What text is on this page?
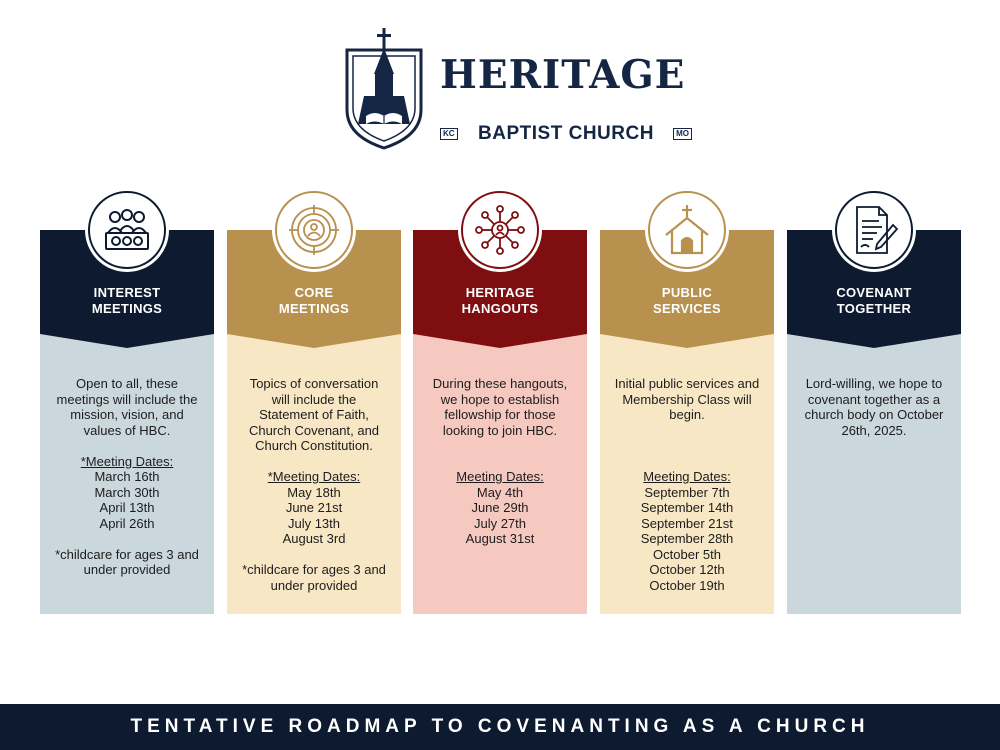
HERITAGE
KC	BAPTIST CHURCH	MO
INTEREST
MEETINGS
Open to all, these
meetings will include the
mission, vision, and
values of HBC.
*Meeting Dates:
March 16th
March 30th
April 13th
April 26th
*childcare for ages 3 and
under provided
CORE
MEETINGS
Topics of conversation
will include the
Statement of Faith,
Church Covenant, and
Church Constitution.
*Meeting Dates:
May 18th
June 21st
July 13th
August 3rd
*childcare for ages 3 and
under provided
HERITAGE
HANGOUTS
During these hangouts,
we hope to establish
fellowship for those
looking to join HBC.
Meeting Dates:
May 4th
June 29th
July 27th
August 31st
PUBLIC
SERVICES
Initial public services and
Membership Class will
begin.
Meeting Dates:
September 7th
September 14th
September 21st
September 28th
October 5th
October 12th
October 19th
COVENANT
TOGETHER
Lord-willing, we hope to
covenant together as a
church body on October
26th, 2025.
TENTATIVE ROADMAP TO COVENANTING AS A CHURCH
